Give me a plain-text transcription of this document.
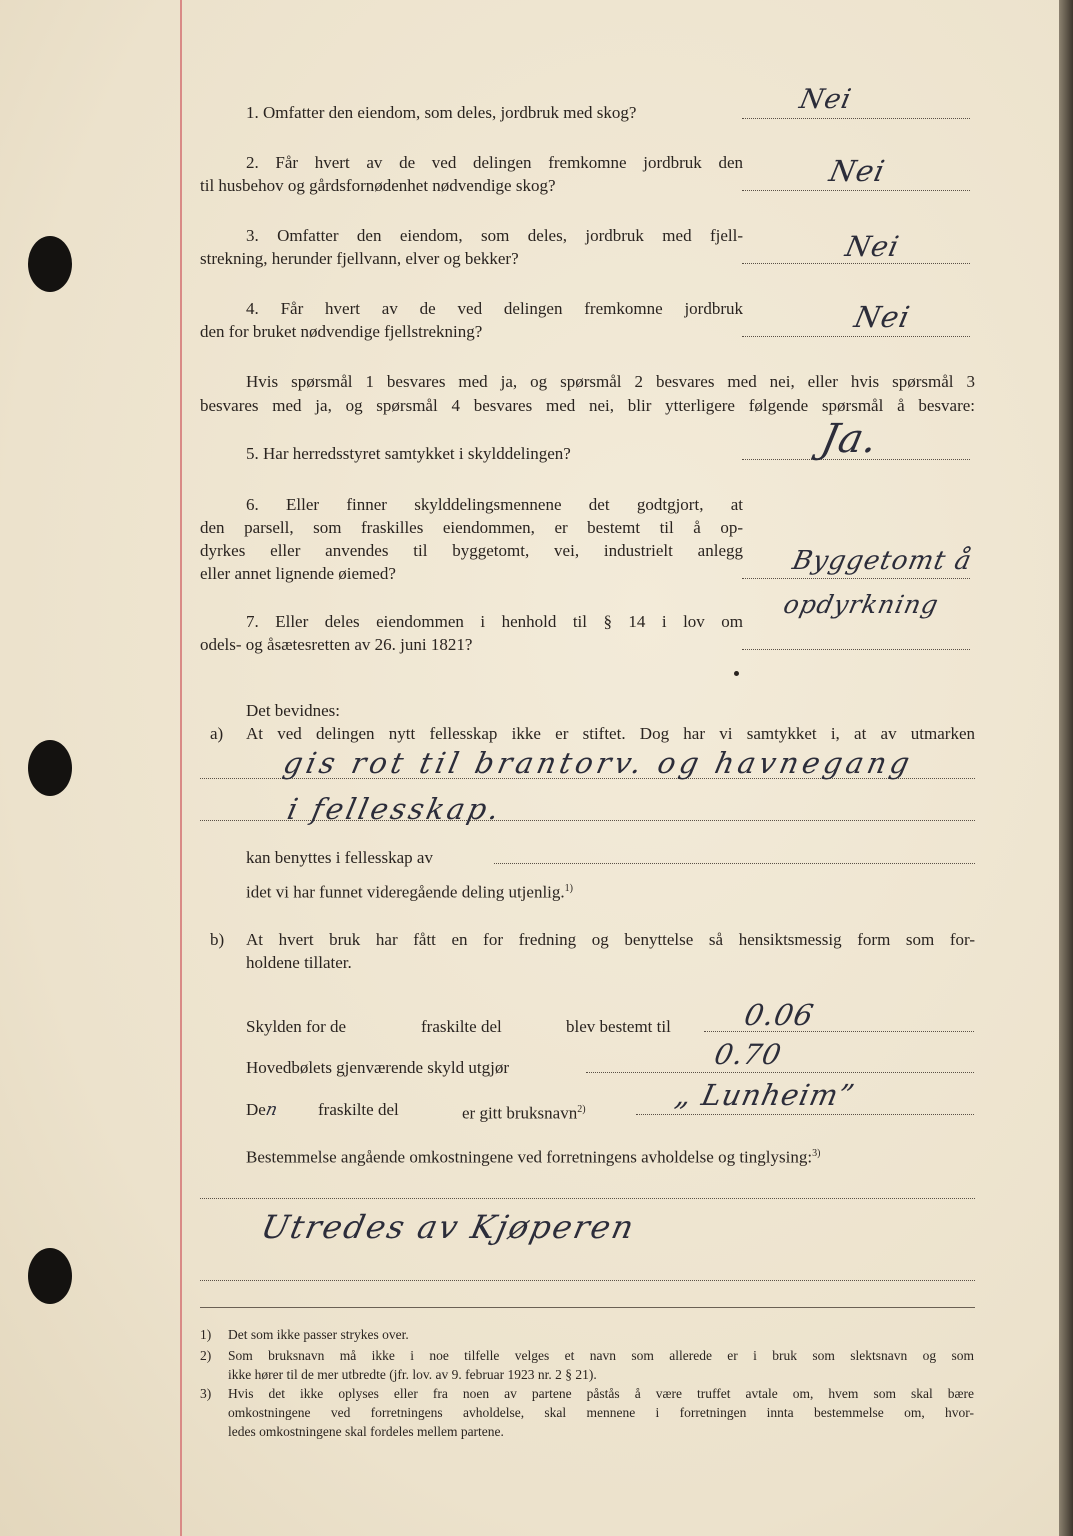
1. Omfatter den eiendom, som deles, jordbruk med skog?	Nei
2. Får hvert av de ved delingen fremkomne jordbruk den
til husbehov og gårdsfornødenhet nødvendige skog?	Nei
3. Omfatter den eiendom, som deles, jordbruk med fjell-
strekning, herunder fjellvann, elver og bekker?	Nei
4. Får hvert av de ved delingen fremkomne jordbruk
den for bruket nødvendige fjellstrekning?	Nei
Hvis spørsmål 1 besvares med ja, og spørsmål 2 besvares med nei, eller hvis spørsmål 3
besvares med ja, og spørsmål 4 besvares med nei, blir ytterligere følgende spørsmål å besvare:
5. Har herredsstyret samtykket i skylddelingen?	Ja.
6. Eller finner skylddelingsmennene det godtgjort, at
den parsell, som fraskilles eiendommen, er bestemt til å op-
dyrkes eller anvendes til byggetomt, vei, industrielt anlegg
eller annet lignende øiemed?	Byggetomt å
opdyrkning
7. Eller deles eiendommen i henhold til § 14 i lov om
odels- og åsætesretten av 26. juni 1821?
Det bevidnes:
a) At ved delingen nytt fellesskap ikke er stiftet. Dog har vi samtykket i, at av utmarken
gis rot til brantorv. og havnegang
i fellesskap.
kan benyttes i fellesskap av
idet vi har funnet videregående deling utjenlig.$^{1)}$
b) At hvert bruk har fått en for fredning og benyttelse så hensiktsmessig form som for-
holdene tillater.
Skylden for de	fraskilte del	blev bestemt til 0.06
Hovedbølets gjenværende skyld utgjør	0.70
Den fraskilte del	er gitt bruksnavn$^{2)}$	„ Lunheim”
Bestemmelse angående omkostningene ved forretningens avholdelse og tinglysing:$^{3)}$
Utredes av Kjøperen
1) Det som ikke passer strykes over.
2) Som bruksnavn må ikke i noe tilfelle velges et navn som allerede er i bruk som slektsnavn og som
ikke hører til de mer utbredte (jfr. lov. av 9. februar 1923 nr. 2 § 21).
3) Hvis det ikke oplyses eller fra noen av partene påstås å være truffet avtale om, hvem som skal bære
omkostningene ved forretningens avholdelse, skal mennene i forretningen innta bestemmelse om, hvor-
ledes omkostningene skal fordeles mellem partene.
